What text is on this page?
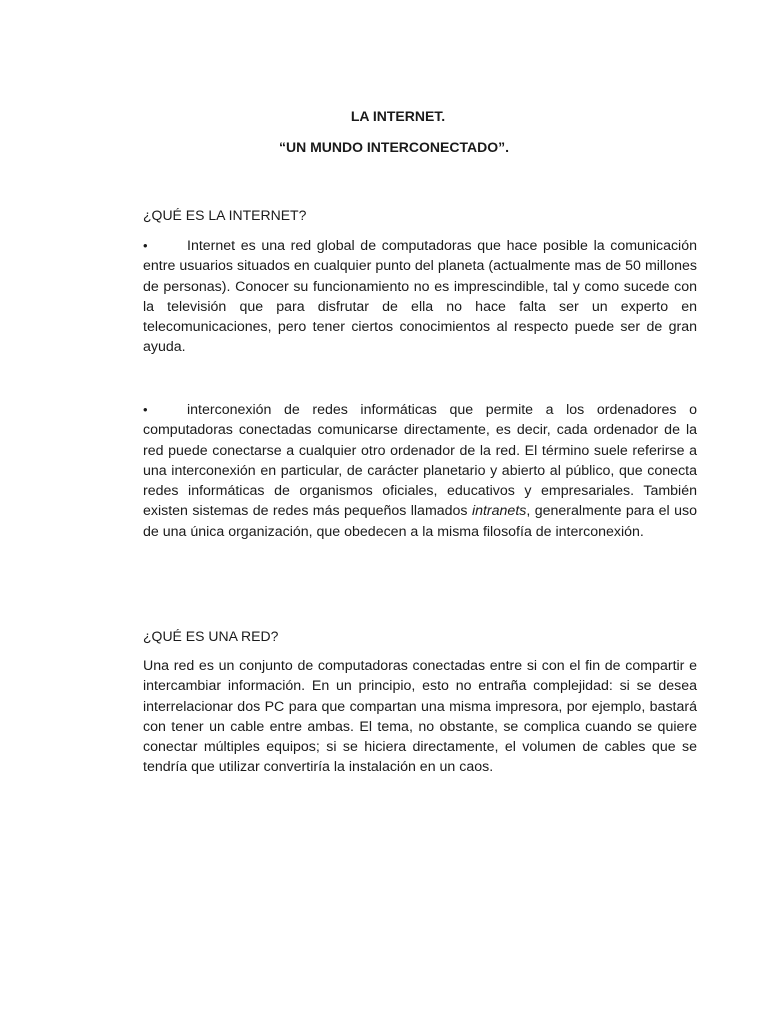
LA INTERNET.

“UN MUNDO INTERCONECTADO”.

¿QUÉ ES LA INTERNET?

•	Internet es una red global de computadoras que hace posible la comunicación entre usuarios situados en cualquier punto del planeta (actualmente mas de 50 millones de personas). Conocer su funcionamiento no es imprescindible, tal y como sucede con la televisión que para disfrutar de ella no hace falta ser un experto en telecomunicaciones, pero tener ciertos conocimientos al respecto puede ser de gran ayuda.

•	interconexión de redes informáticas que permite a los ordenadores o computadoras conectadas comunicarse directamente, es decir, cada ordenador de la red puede conectarse a cualquier otro ordenador de la red. El término suele referirse a una interconexión en particular, de carácter planetario y abierto al público, que conecta redes informáticas de organismos oficiales, educativos y empresariales. También existen sistemas de redes más pequeños llamados intranets, generalmente para el uso de una única organización, que obedecen a la misma filosofía de interconexión.

¿QUÉ ES UNA RED?

Una red es un conjunto de computadoras conectadas entre si con el fin de compartir e intercambiar información. En un principio, esto no entraña complejidad: si se desea interrelacionar dos PC para que compartan una misma impresora, por ejemplo, bastará con tener un cable entre ambas. El tema, no obstante, se complica cuando se quiere conectar múltiples equipos; si se hiciera directamente, el volumen de cables que se tendría que utilizar convertiría la instalación en un caos.
